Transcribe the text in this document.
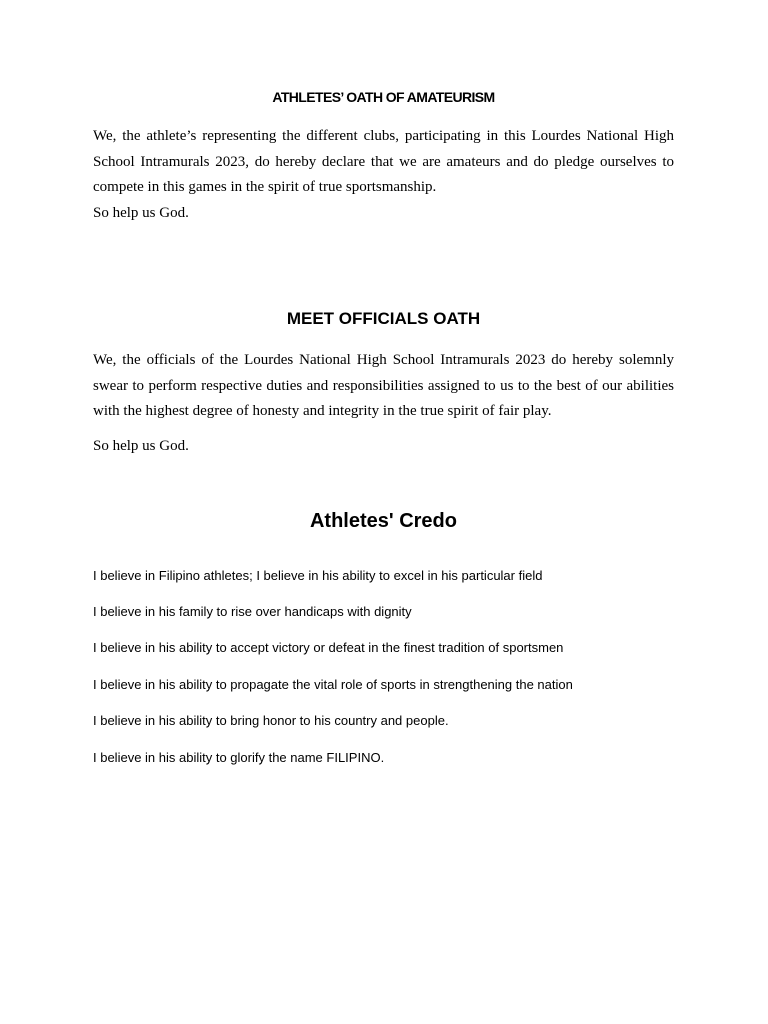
ATHLETES’ OATH OF AMATEURISM

We, the athlete’s representing the different clubs, participating in this Lourdes National High School Intramurals 2023, do hereby declare that we are amateurs and do pledge ourselves to compete in this games in the spirit of true sportsmanship.

So help us God.

MEET OFFICIALS OATH

We, the officials of the Lourdes National High School Intramurals 2023 do hereby solemnly swear to perform respective duties and responsibilities assigned to us to the best of our abilities with the highest degree of honesty and integrity in the true spirit of fair play.

So help us God.

Athletes' Credo

I believe in Filipino athletes; I believe in his ability to excel in his particular field

I believe in his family to rise over handicaps with dignity

I believe in his ability to accept victory or defeat in the finest tradition of sportsmen

I believe in his ability to propagate the vital role of sports in strengthening the nation

I believe in his ability to bring honor to his country and people.

I believe in his ability to glorify the name FILIPINO.
